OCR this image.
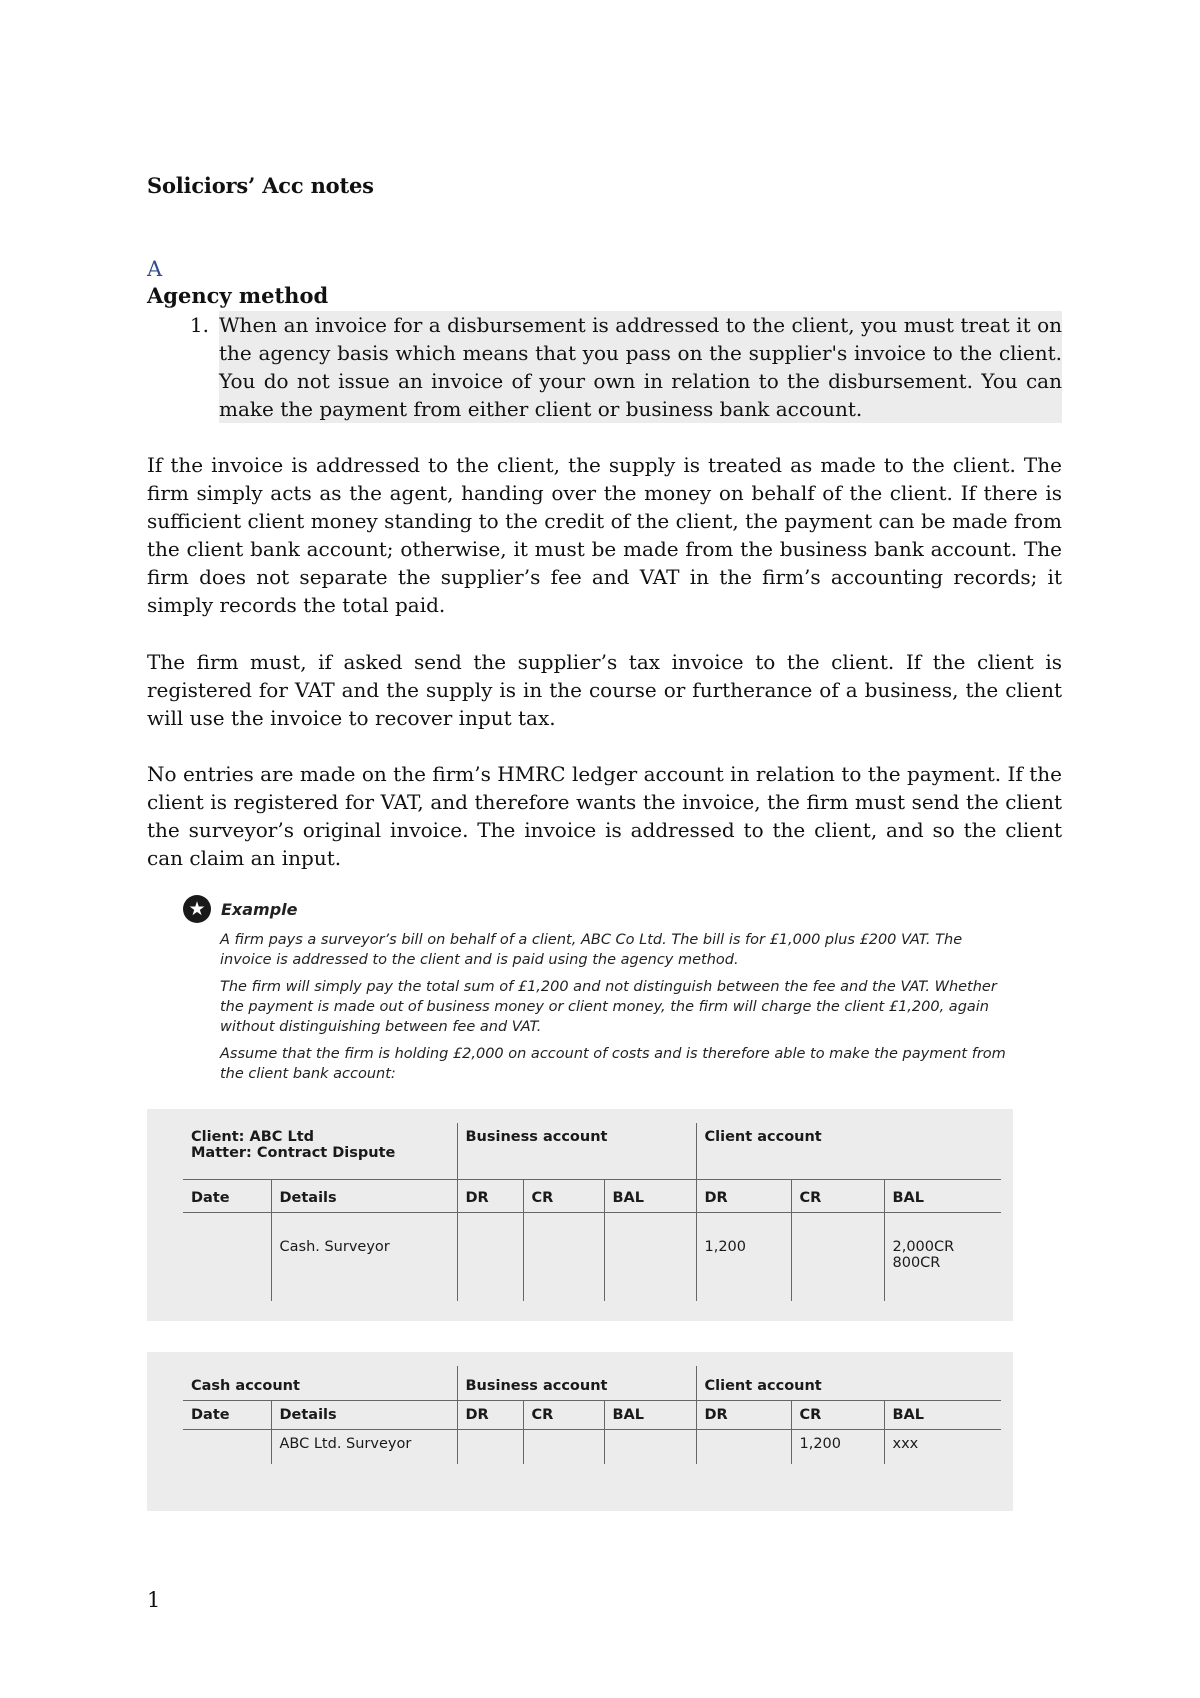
Soliciors’ Acc notes
A
Agency method
1. When an invoice for a disbursement is addressed to the client, you must treat it on the agency basis which means that you pass on the supplier's invoice to the client. You do not issue an invoice of your own in relation to the disbursement. You can make the payment from either client or business bank account.
If the invoice is addressed to the client, the supply is treated as made to the client. The firm simply acts as the agent, handing over the money on behalf of the client. If there is sufficient client money standing to the credit of the client, the payment can be made from the client bank account; otherwise, it must be made from the business bank account. The firm does not separate the supplier’s fee and VAT in the firm’s accounting records; it simply records the total paid.
The firm must, if asked send the supplier’s tax invoice to the client. If the client is registered for VAT and the supply is in the course or furtherance of a business, the client will use the invoice to recover input tax.
No entries are made on the firm’s HMRC ledger account in relation to the payment. If the client is registered for VAT, and therefore wants the invoice, the firm must send the client the surveyor’s original invoice. The invoice is addressed to the client, and so the client can claim an input.
★ Example
A firm pays a surveyor’s bill on behalf of a client, ABC Co Ltd. The bill is for £1,000 plus £200 VAT. The invoice is addressed to the client and is paid using the agency method.
The firm will simply pay the total sum of £1,200 and not distinguish between the fee and the VAT. Whether the payment is made out of business money or client money, the firm will charge the client £1,200, again without distinguishing between fee and VAT.
Assume that the firm is holding £2,000 on account of costs and is therefore able to make the payment from the client bank account:
Client: ABC Ltd
Matter: Contract Dispute		Business account			Client account		
Date	Details	DR	CR	BAL	DR	CR	BAL
	Cash. Surveyor				1,200		2,000CR
800CR
Cash account		Business account			Client account		
Date	Details	DR	CR	BAL	DR	CR	BAL
	ABC Ltd. Surveyor					1,200	xxx
1
